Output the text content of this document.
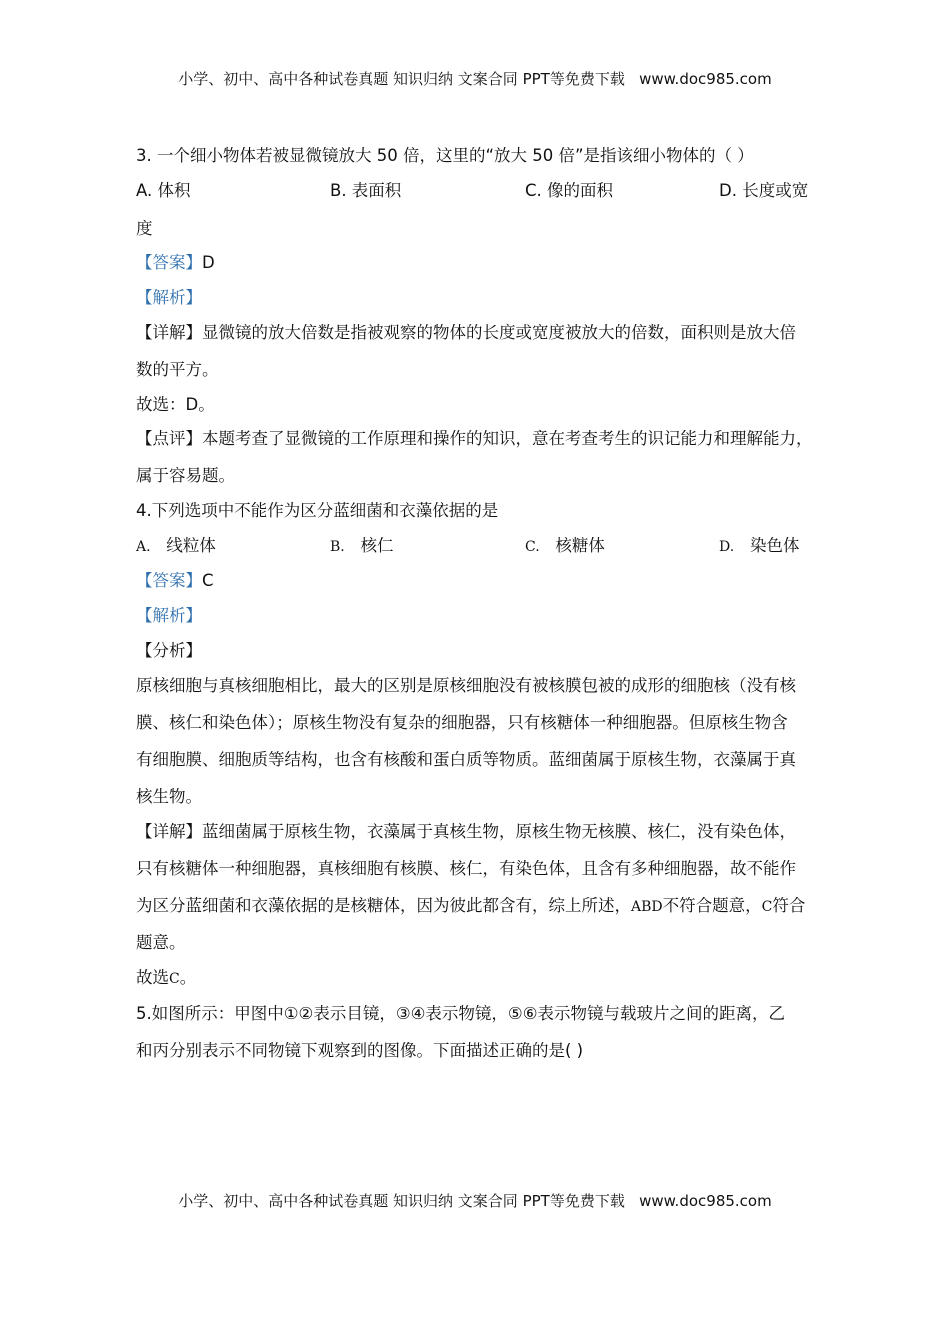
小学、初中、高中各种试卷真题 知识归纳 文案合同 PPT等免费下载   www.doc985.com
3. 一个细小物体若被显微镜放大 50 倍，这里的“放大 50 倍”是指该细小物体的（ ）
A. 体积	B. 表面积	C. 像的面积	D. 长度或宽
度
【答案】D
【解析】
【详解】显微镜的放大倍数是指被观察的物体的长度或宽度被放大的倍数，面积则是放大倍
数的平方。
故选：D。
【点评】本题考查了显微镜的工作原理和操作的知识，意在考查考生的识记能力和理解能力，
属于容易题。
4.下列选项中不能作为区分蓝细菌和衣藻依据的是
A. 线粒体	B. 核仁	C. 核糖体	D. 染色体
【答案】C
【解析】
【分析】
原核细胞与真核细胞相比，最大的区别是原核细胞没有被核膜包被的成形的细胞核（没有核
膜、核仁和染色体）；原核生物没有复杂的细胞器，只有核糖体一种细胞器。但原核生物含
有细胞膜、细胞质等结构，也含有核酸和蛋白质等物质。蓝细菌属于原核生物，衣藻属于真
核生物。
【详解】蓝细菌属于原核生物，衣藻属于真核生物，原核生物无核膜、核仁，没有染色体，
只有核糖体一种细胞器，真核细胞有核膜、核仁，有染色体，且含有多种细胞器，故不能作
为区分蓝细菌和衣藻依据的是核糖体，因为彼此都含有，综上所述，ABD不符合题意，C符合
题意。
故选C。
5.如图所示：甲图中①②表示目镜，③④表示物镜，⑤⑥表示物镜与载玻片之间的距离，乙
和丙分别表示不同物镜下观察到的图像。下面描述正确的是( )
小学、初中、高中各种试卷真题 知识归纳 文案合同 PPT等免费下载   www.doc985.com
